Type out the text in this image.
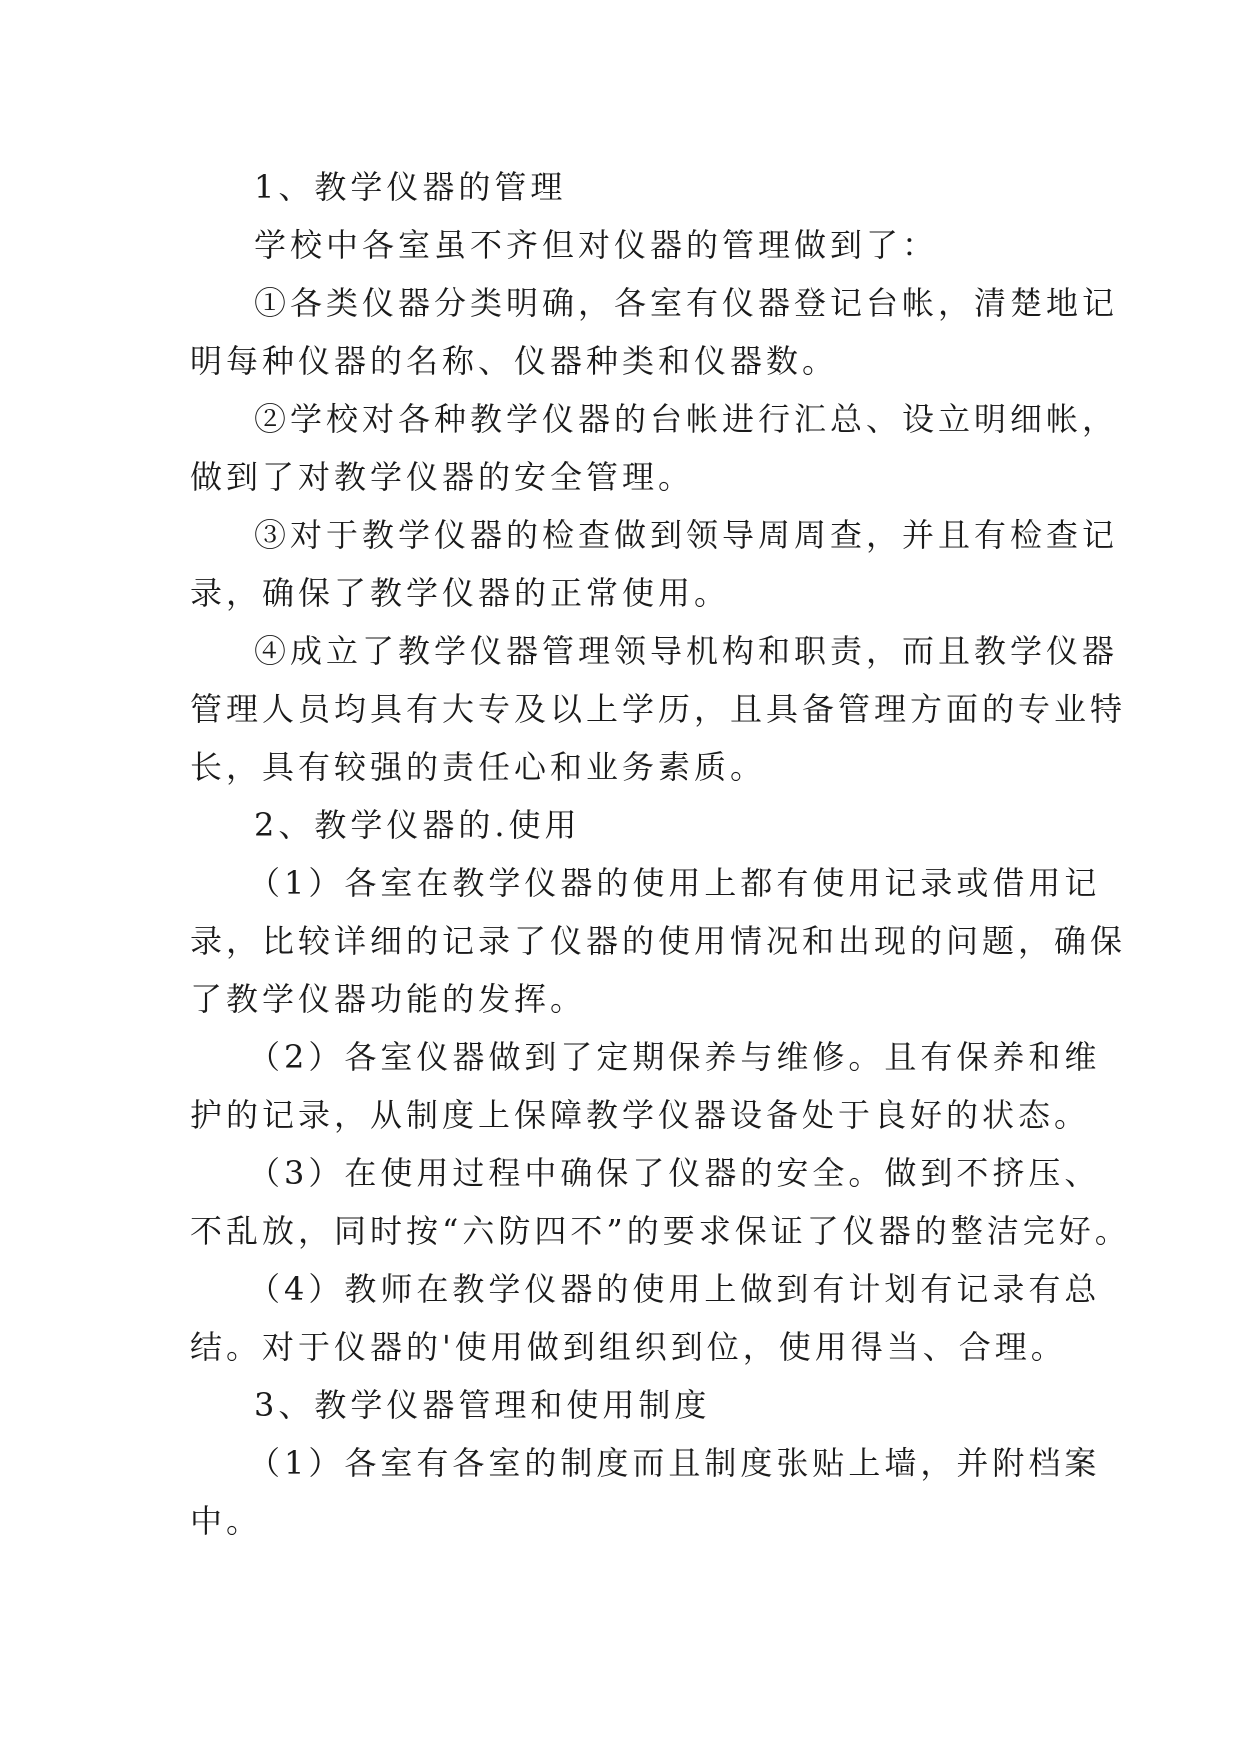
1、教学仪器的管理
学校中各室虽不齐但对仪器的管理做到了：
①各类仪器分类明确，各室有仪器登记台帐，清楚地记
明每种仪器的名称、仪器种类和仪器数。
②学校对各种教学仪器的台帐进行汇总、设立明细帐，
做到了对教学仪器的安全管理。
③对于教学仪器的检查做到领导周周查，并且有检查记
录，确保了教学仪器的正常使用。
④成立了教学仪器管理领导机构和职责，而且教学仪器
管理人员均具有大专及以上学历，且具备管理方面的专业特
长，具有较强的责任心和业务素质。
2、教学仪器的.使用
（1）各室在教学仪器的使用上都有使用记录或借用记
录，比较详细的记录了仪器的使用情况和出现的问题，确保
了教学仪器功能的发挥。
（2）各室仪器做到了定期保养与维修。且有保养和维
护的记录，从制度上保障教学仪器设备处于良好的状态。
（3）在使用过程中确保了仪器的安全。做到不挤压、
不乱放，同时按“六防四不”的要求保证了仪器的整洁完好。
（4）教师在教学仪器的使用上做到有计划有记录有总
结。对于仪器的'使用做到组织到位，使用得当、合理。
3、教学仪器管理和使用制度
（1）各室有各室的制度而且制度张贴上墙，并附档案
中。
